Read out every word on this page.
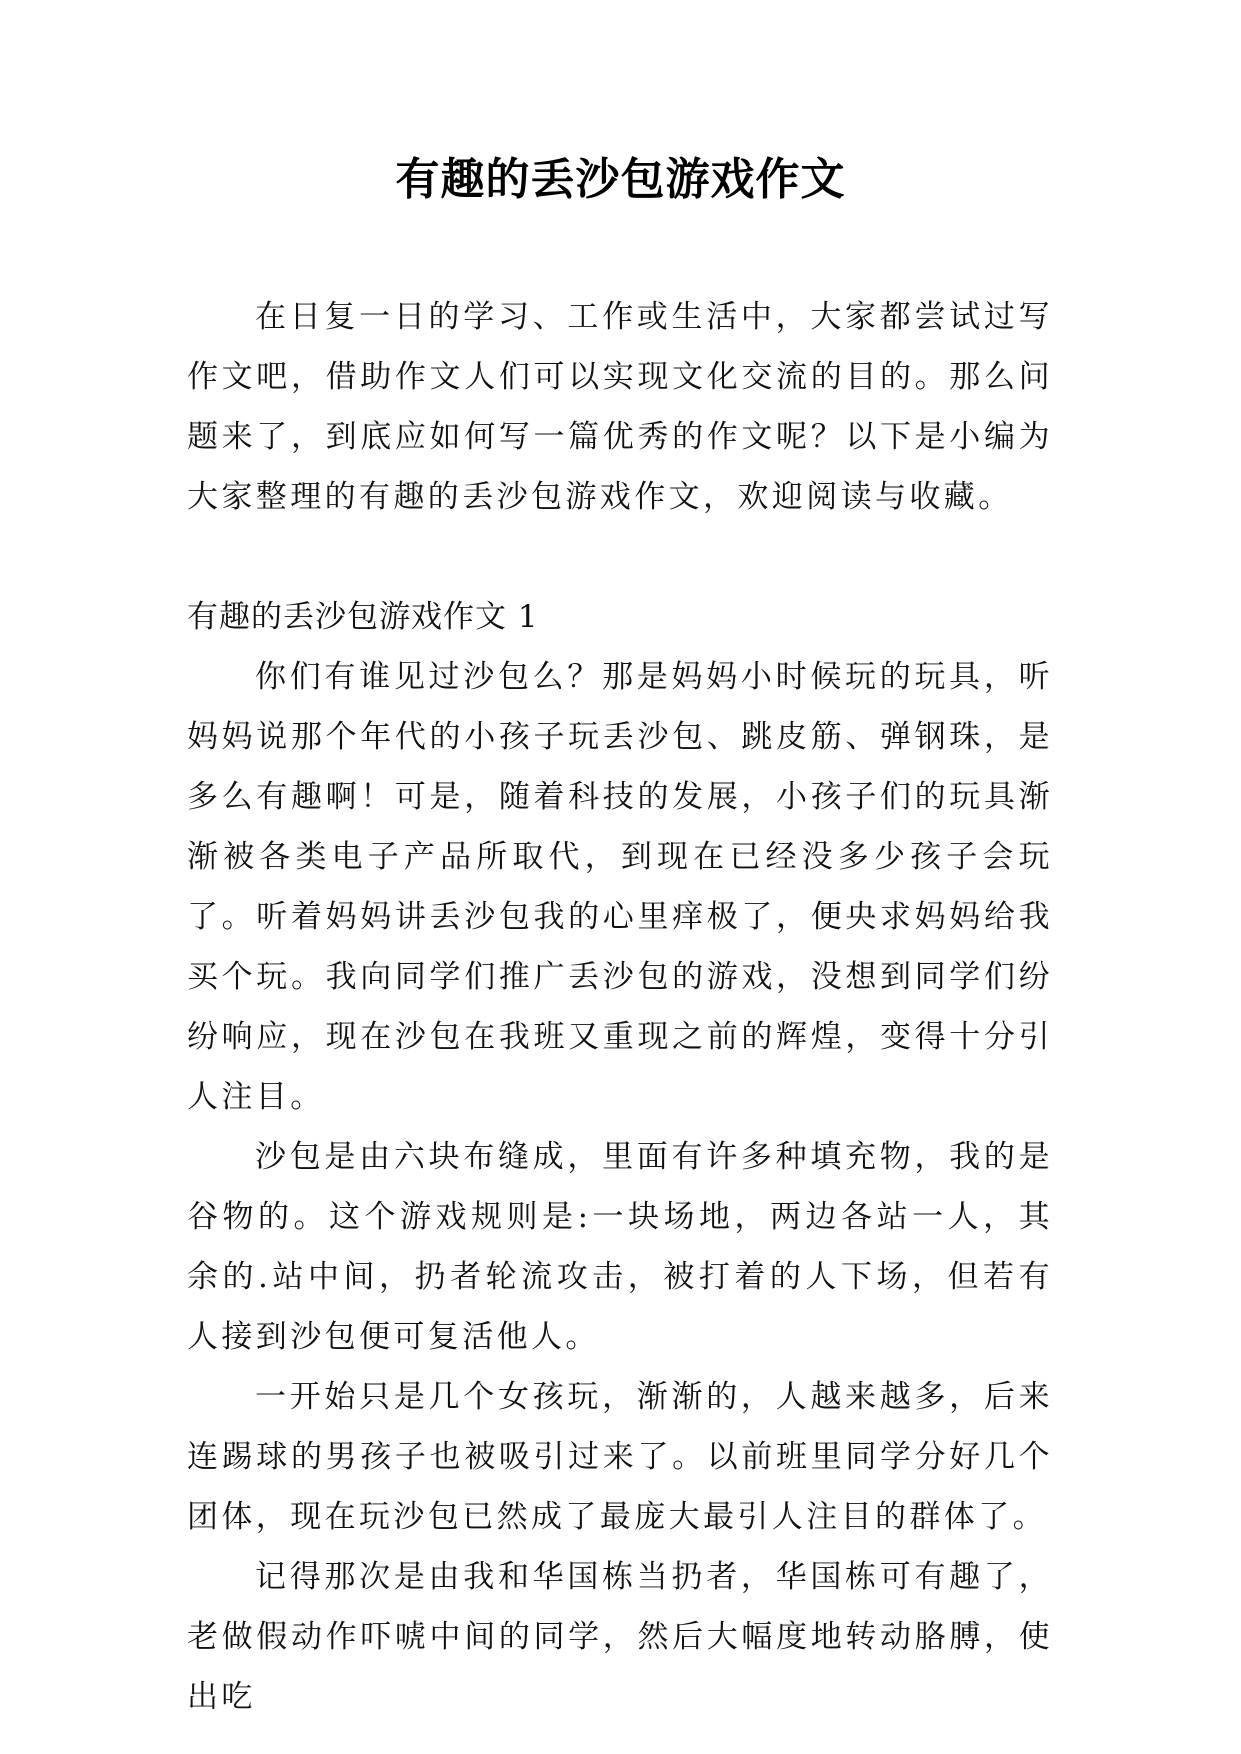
有趣的丢沙包游戏作文

在日复一日的学习、工作或生活中，大家都尝试过写作文吧，借助作文人们可以实现文化交流的目的。那么问题来了，到底应如何写一篇优秀的作文呢？以下是小编为大家整理的有趣的丢沙包游戏作文，欢迎阅读与收藏。

有趣的丢沙包游戏作文 1

你们有谁见过沙包么？那是妈妈小时候玩的玩具，听妈妈说那个年代的小孩子玩丢沙包、跳皮筋、弹钢珠，是多么有趣啊！可是，随着科技的发展，小孩子们的玩具渐渐被各类电子产品所取代，到现在已经没多少孩子会玩了。听着妈妈讲丢沙包我的心里痒极了，便央求妈妈给我买个玩。我向同学们推广丢沙包的游戏，没想到同学们纷纷响应，现在沙包在我班又重现之前的辉煌，变得十分引人注目。

沙包是由六块布缝成，里面有许多种填充物，我的是谷物的。这个游戏规则是:一块场地，两边各站一人，其余的.站中间，扔者轮流攻击，被打着的人下场，但若有人接到沙包便可复活他人。

一开始只是几个女孩玩，渐渐的，人越来越多，后来连踢球的男孩子也被吸引过来了。以前班里同学分好几个团体，现在玩沙包已然成了最庞大最引人注目的群体了。

记得那次是由我和华国栋当扔者，华国栋可有趣了，老做假动作吓唬中间的同学，然后大幅度地转动胳膊，使出吃
